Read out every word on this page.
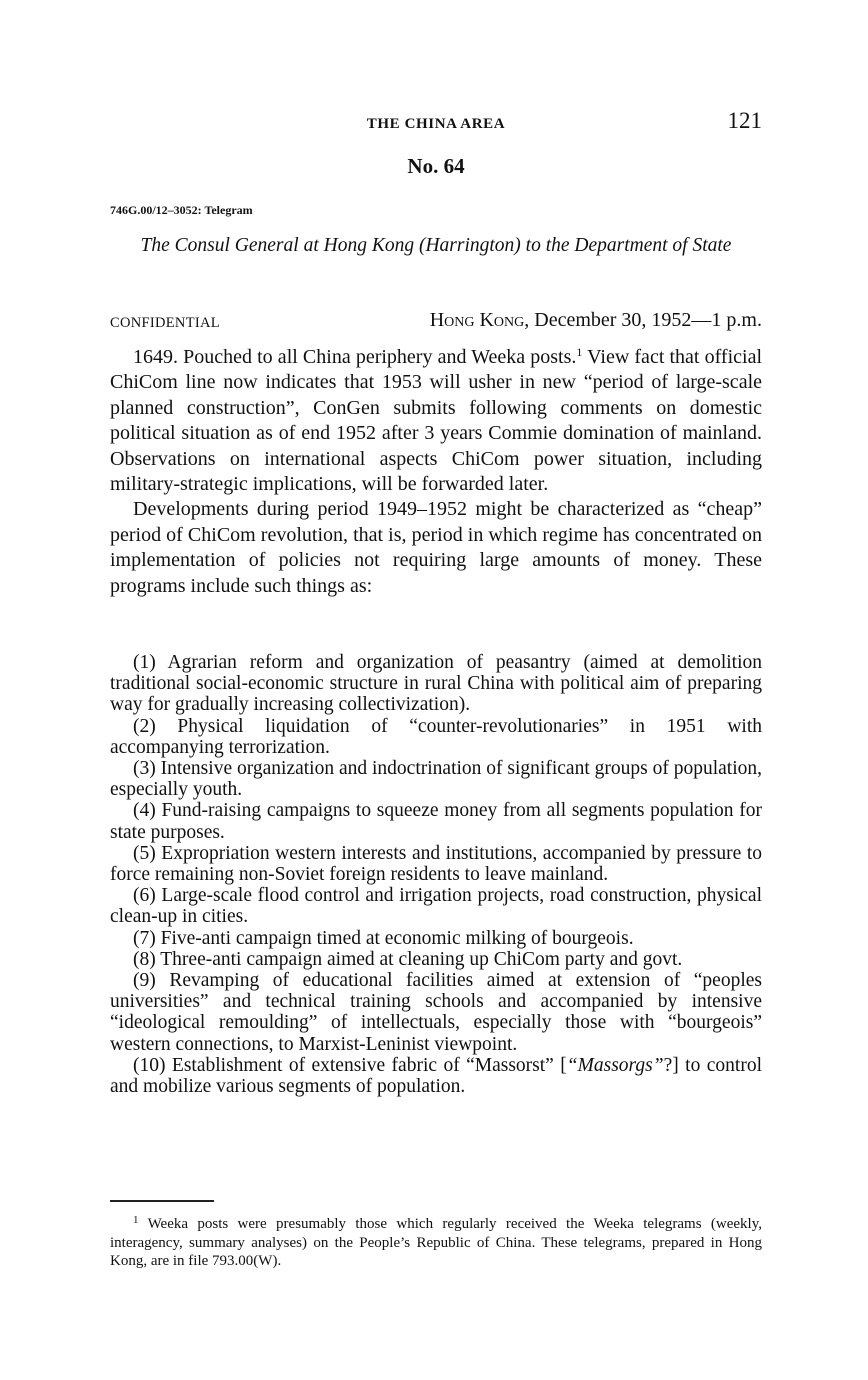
THE CHINA AREA	121
No. 64
746G.00/12–3052: Telegram
The Consul General at Hong Kong (Harrington) to the Department of State
CONFIDENTIAL	Hong Kong, December 30, 1952—1 p.m.

1649. Pouched to all China periphery and Weeka posts.$^1$ View fact that official ChiCom line now indicates that 1953 will usher in new “period of large-scale planned construction”, ConGen submits following comments on domestic political situation as of end 1952 after 3 years Commie domination of mainland. Observations on international aspects ChiCom power situation, including military-strategic implications, will be forwarded later.

Developments during period 1949–1952 might be characterized as “cheap” period of ChiCom revolution, that is, period in which regime has concentrated on implementation of policies not requiring large amounts of money. These programs include such things as:

(1) Agrarian reform and organization of peasantry (aimed at demolition traditional social-economic structure in rural China with political aim of preparing way for gradually increasing collectivization).

(2) Physical liquidation of “counter-revolutionaries” in 1951 with accompanying terrorization.

(3) Intensive organization and indoctrination of significant groups of population, especially youth.

(4) Fund-raising campaigns to squeeze money from all segments population for state purposes.

(5) Expropriation western interests and institutions, accompanied by pressure to force remaining non-Soviet foreign residents to leave mainland.

(6) Large-scale flood control and irrigation projects, road construction, physical clean-up in cities.

(7) Five-anti campaign timed at economic milking of bourgeois.

(8) Three-anti campaign aimed at cleaning up ChiCom party and govt.

(9) Revamping of educational facilities aimed at extension of “peoples universities” and technical training schools and accompanied by intensive “ideological remoulding” of intellectuals, especially those with “bourgeois” western connections, to Marxist-Leninist viewpoint.

(10) Establishment of extensive fabric of “Massorst” [“Massorgs”?] to control and mobilize various segments of population.

$^1$ Weeka posts were presumably those which regularly received the Weeka telegrams (weekly, interagency, summary analyses) on the People’s Republic of China. These telegrams, prepared in Hong Kong, are in file 793.00(W).
